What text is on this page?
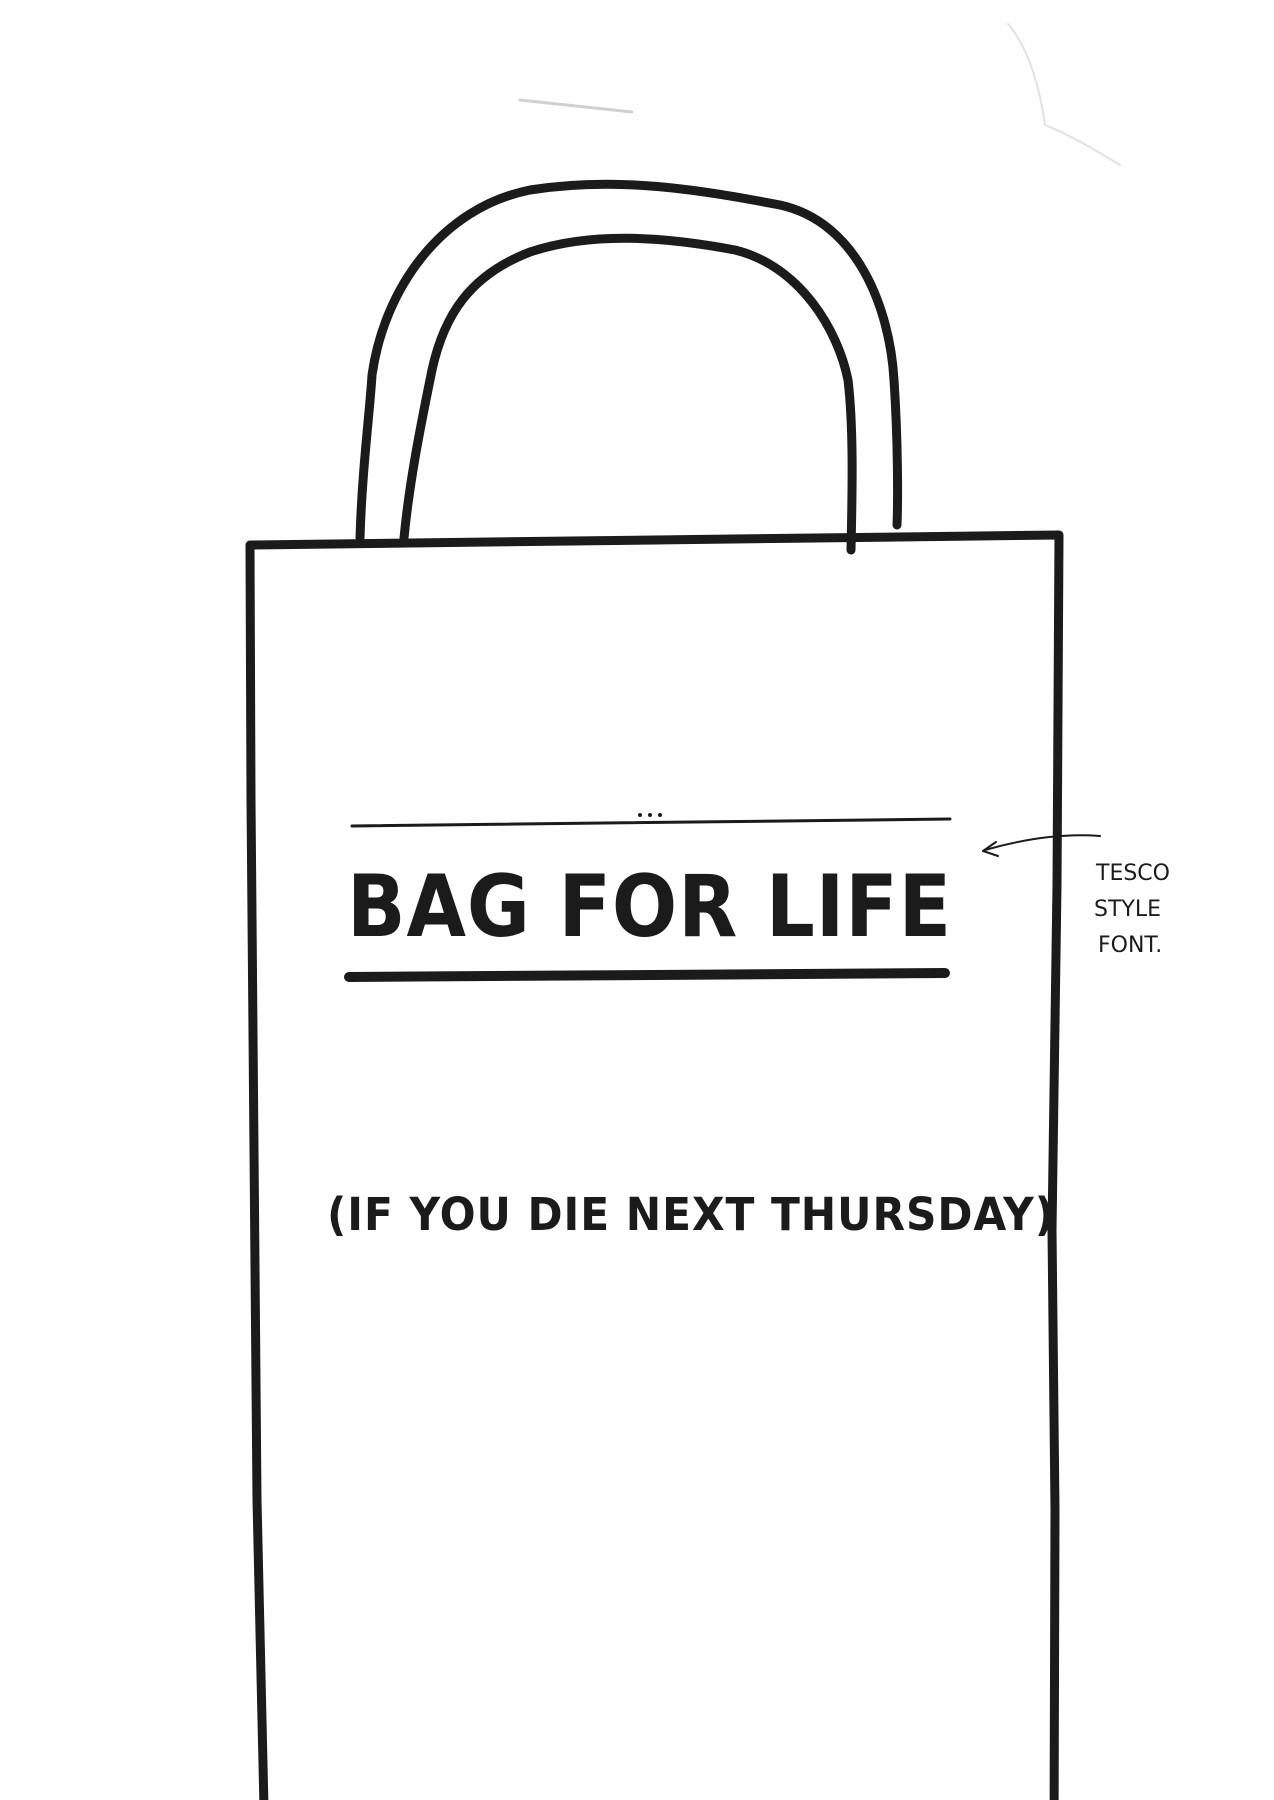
BAG FOR LIFE
(IF YOU DIE NEXT THURSDAY)
TESCO
STYLE
FONT.
